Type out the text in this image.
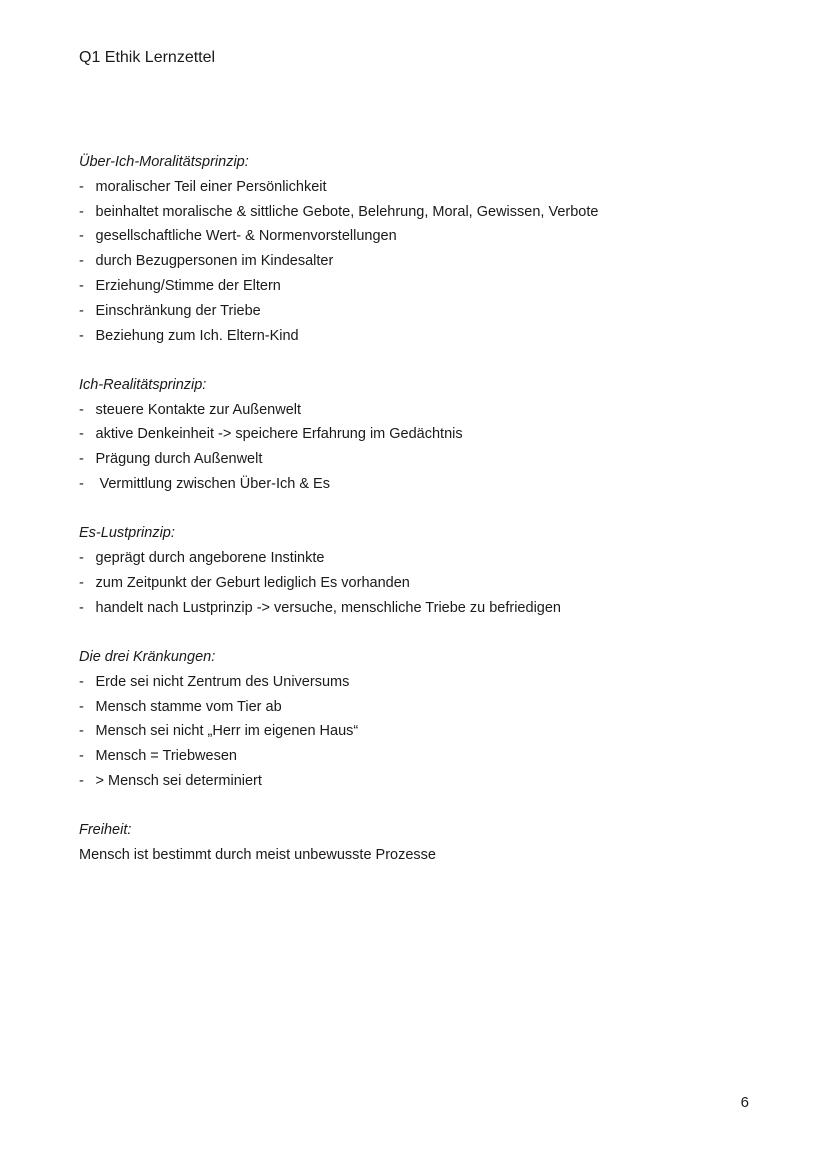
Q1 Ethik Lernzettel
Über-Ich-Moralitätsprinzip:
- moralischer Teil einer Persönlichkeit
- beinhaltet moralische & sittliche Gebote, Belehrung, Moral, Gewissen, Verbote
- gesellschaftliche Wert- & Normenvorstellungen
- durch Bezugpersonen im Kindesalter
- Erziehung/Stimme der Eltern
- Einschränkung der Triebe
- Beziehung zum Ich. Eltern-Kind
Ich-Realitätsprinzip:
- steuere Kontakte zur Außenwelt
- aktive Denkeinheit -> speichere Erfahrung im Gedächtnis
- Prägung durch Außenwelt
- Vermittlung zwischen Über-Ich & Es
Es-Lustprinzip:
- geprägt durch angeborene Instinkte
- zum Zeitpunkt der Geburt lediglich Es vorhanden
- handelt nach Lustprinzip -> versuche, menschliche Triebe zu befriedigen
Die drei Kränkungen:
- Erde sei nicht Zentrum des Universums
- Mensch stamme vom Tier ab
- Mensch sei nicht „Herr im eigenen Haus“
- Mensch = Triebwesen
- > Mensch sei determiniert
Freiheit:
Mensch ist bestimmt durch meist unbewusste Prozesse
6
